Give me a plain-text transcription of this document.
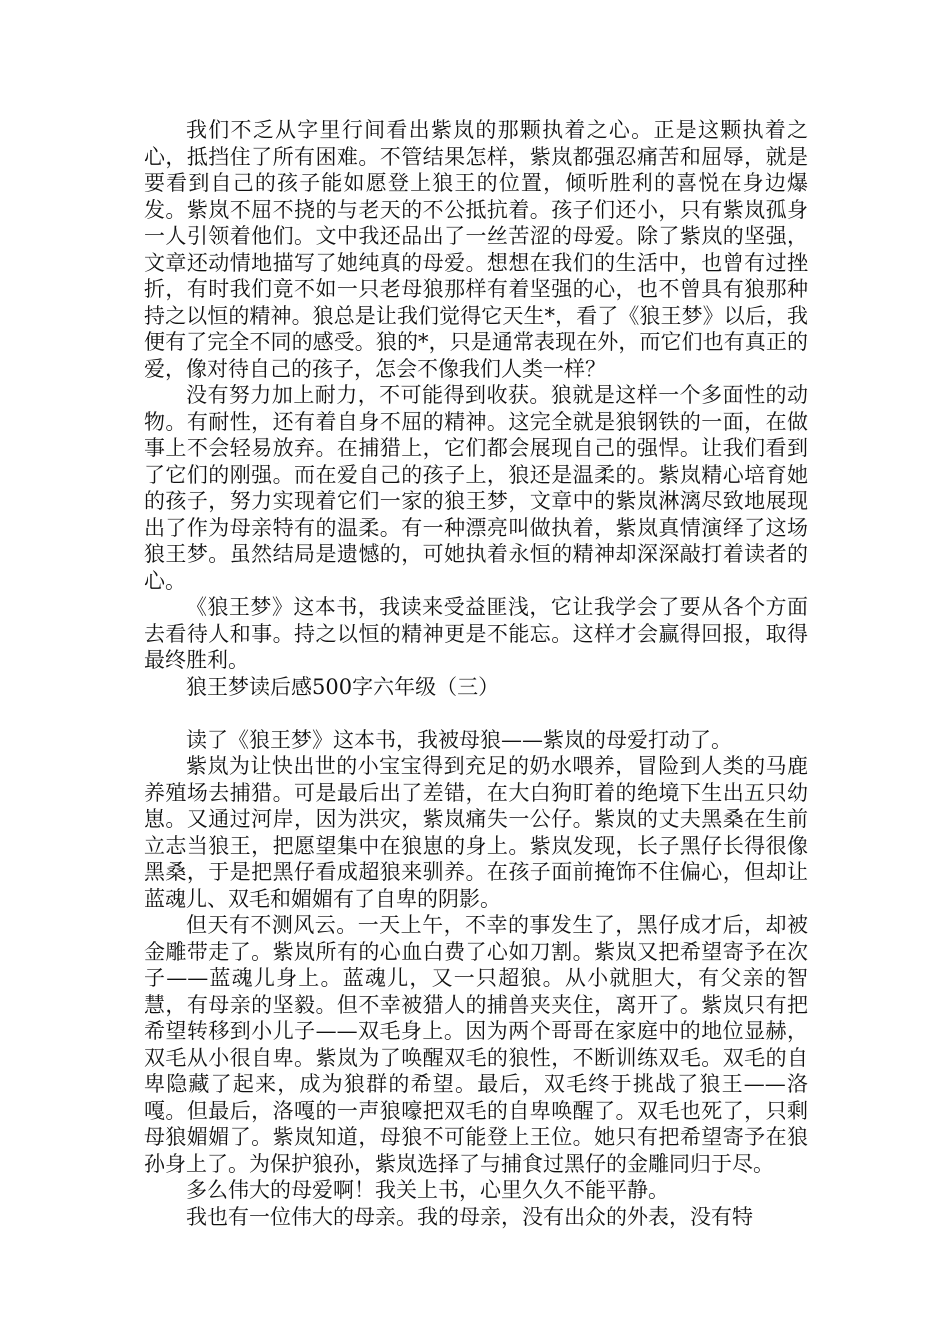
我们不乏从字里行间看出紫岚的那颗执着之心。正是这颗执着之心，抵挡住了所有困难。不管结果怎样，紫岚都强忍痛苦和屈辱，就是要看到自己的孩子能如愿登上狼王的位置，倾听胜利的喜悦在身边爆发。紫岚不屈不挠的与老天的不公抵抗着。孩子们还小，只有紫岚孤身一人引领着他们。文中我还品出了一丝苦涩的母爱。除了紫岚的坚强，文章还动情地描写了她纯真的母爱。想想在我们的生活中，也曾有过挫折，有时我们竟不如一只老母狼那样有着坚强的心，也不曾具有狼那种持之以恒的精神。狼总是让我们觉得它天生*，看了《狼王梦》以后，我便有了完全不同的感受。狼的*，只是通常表现在外，而它们也有真正的爱，像对待自己的孩子，怎会不像我们人类一样？

没有努力加上耐力，不可能得到收获。狼就是这样一个多面性的动物。有耐性，还有着自身不屈的精神。这完全就是狼钢铁的一面，在做事上不会轻易放弃。在捕猎上，它们都会展现自己的强悍。让我们看到了它们的刚强。而在爱自己的孩子上，狼还是温柔的。紫岚精心培育她的孩子，努力实现着它们一家的狼王梦，文章中的紫岚淋漓尽致地展现出了作为母亲特有的温柔。有一种漂亮叫做执着，紫岚真情演绎了这场狼王梦。虽然结局是遗憾的，可她执着永恒的精神却深深敲打着读者的心。

《狼王梦》这本书，我读来受益匪浅，它让我学会了要从各个方面去看待人和事。持之以恒的精神更是不能忘。这样才会赢得回报，取得最终胜利。

狼王梦读后感500字六年级（三）

读了《狼王梦》这本书，我被母狼——紫岚的母爱打动了。

紫岚为让快出世的小宝宝得到充足的奶水喂养，冒险到人类的马鹿养殖场去捕猎。可是最后出了差错，在大白狗盯着的绝境下生出五只幼崽。又通过河岸，因为洪灾，紫岚痛失一公仔。紫岚的丈夫黑桑在生前立志当狼王，把愿望集中在狼崽的身上。紫岚发现，长子黑仔长得很像黑桑，于是把黑仔看成超狼来驯养。在孩子面前掩饰不住偏心，但却让蓝魂儿、双毛和媚媚有了自卑的阴影。

但天有不测风云。一天上午，不幸的事发生了，黑仔成才后，却被金雕带走了。紫岚所有的心血白费了心如刀割。紫岚又把希望寄予在次子——蓝魂儿身上。蓝魂儿，又一只超狼。从小就胆大，有父亲的智慧，有母亲的坚毅。但不幸被猎人的捕兽夹夹住，离开了。紫岚只有把希望转移到小儿子——双毛身上。因为两个哥哥在家庭中的地位显赫，双毛从小很自卑。紫岚为了唤醒双毛的狼性，不断训练双毛。双毛的自卑隐藏了起来，成为狼群的希望。最后，双毛终于挑战了狼王——洛嘎。但最后，洛嘎的一声狼嚎把双毛的自卑唤醒了。双毛也死了，只剩母狼媚媚了。紫岚知道，母狼不可能登上王位。她只有把希望寄予在狼孙身上了。为保护狼孙，紫岚选择了与捕食过黑仔的金雕同归于尽。

多么伟大的母爱啊！我关上书，心里久久不能平静。

我也有一位伟大的母亲。我的母亲，没有出众的外表，没有特
